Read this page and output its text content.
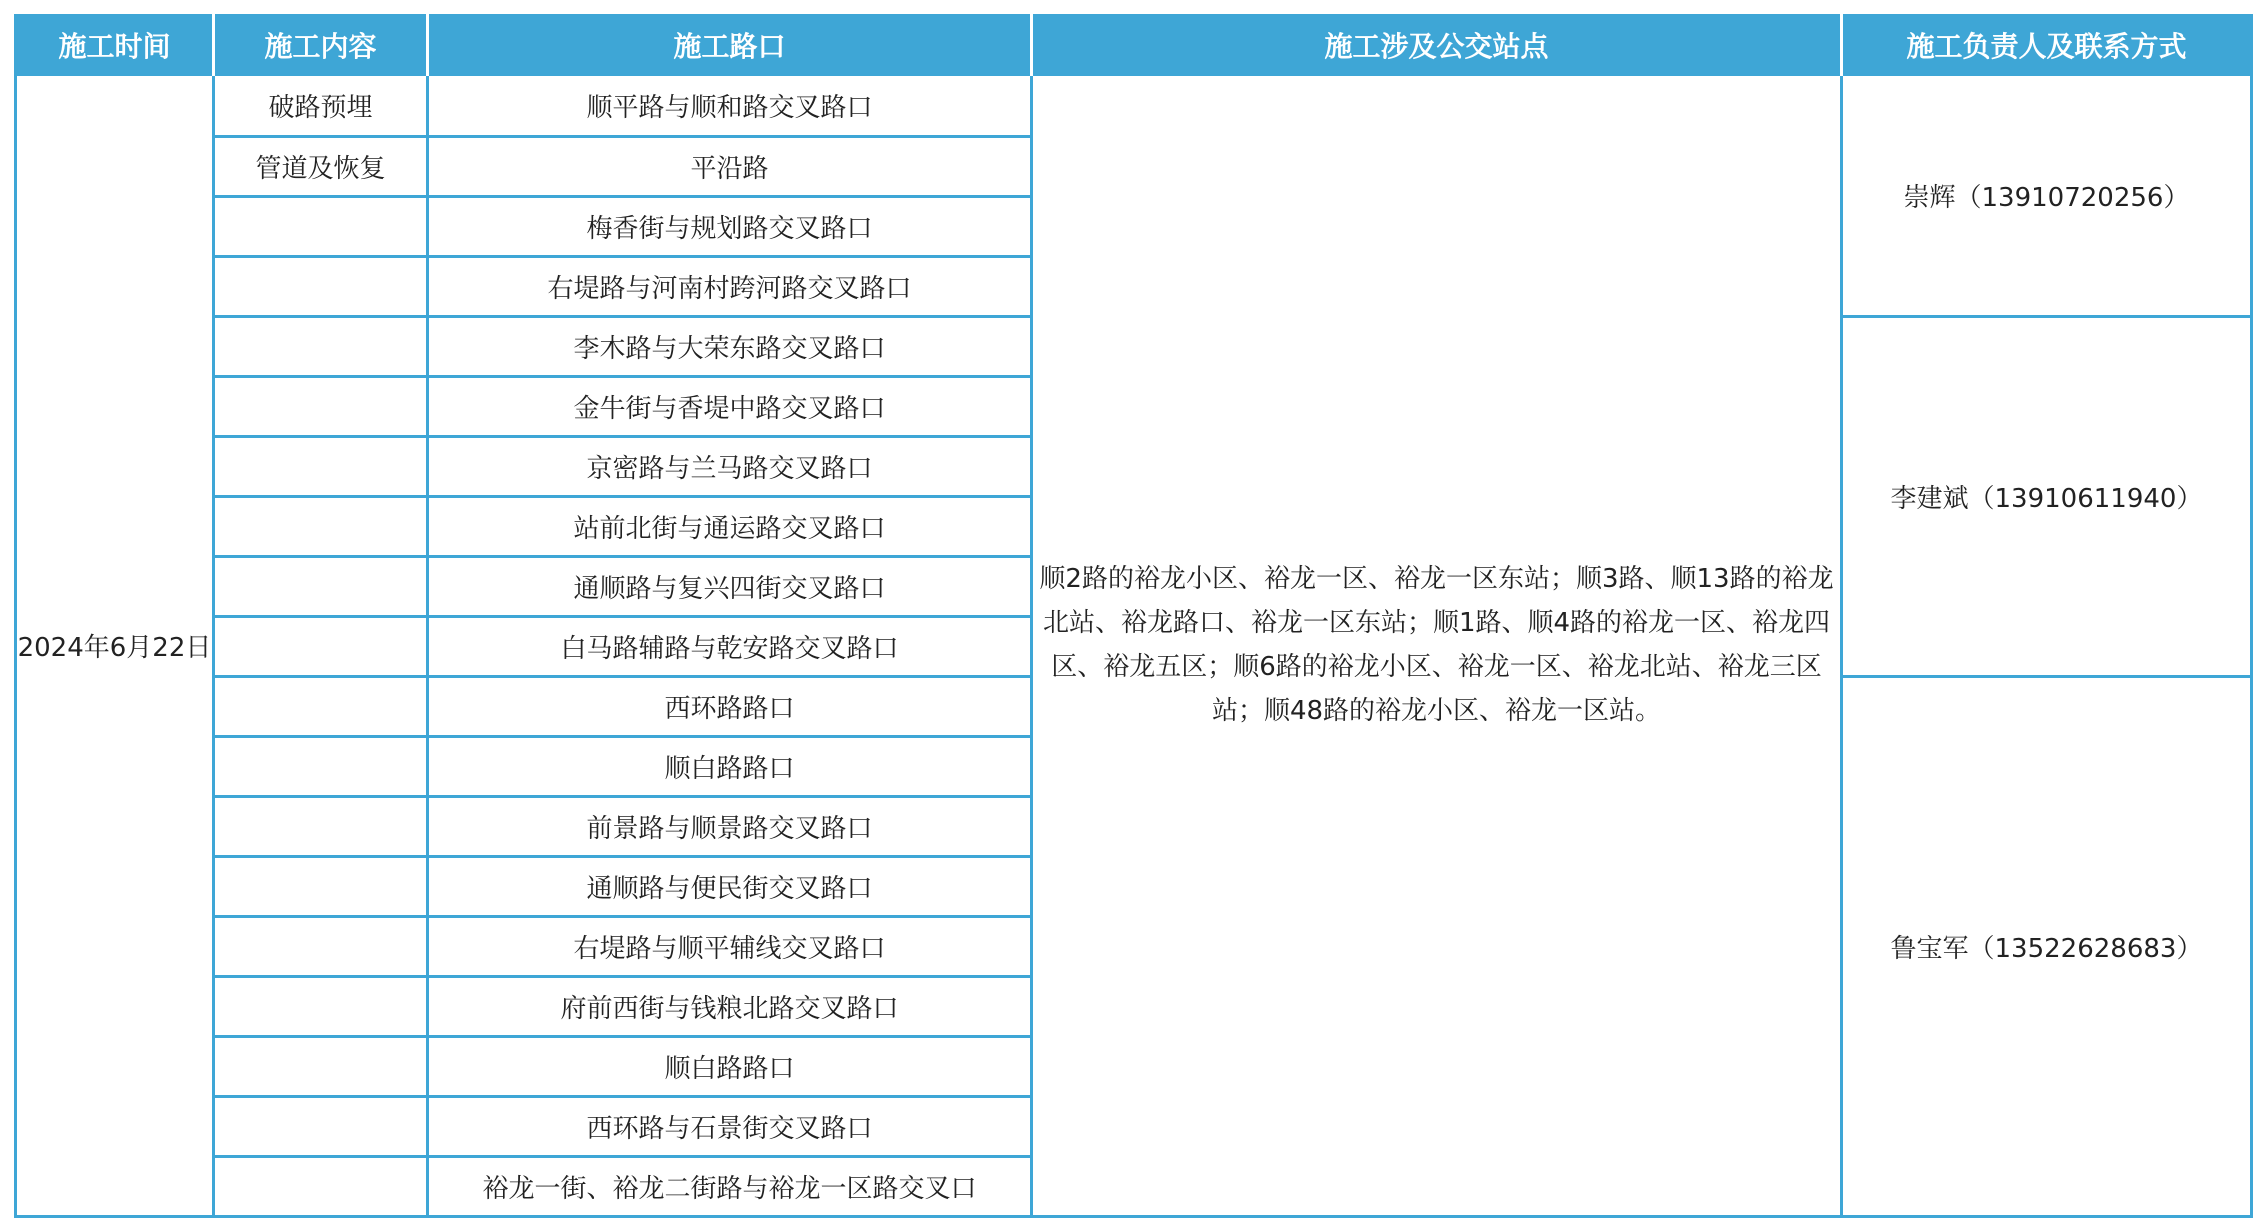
施工时间	施工内容	施工路口	施工涉及公交站点	施工负责人及联系方式
2024年6月22日	破路预埋	顺平路与顺和路交叉路口	顺2路的裕龙小区、裕龙一区、裕龙一区东站；顺3路、顺13路的裕龙北站、裕龙路口、裕龙一区东站；顺1路、顺4路的裕龙一区、裕龙四区、裕龙五区；顺6路的裕龙小区、裕龙一区、裕龙北站、裕龙三区站；顺48路的裕龙小区、裕龙一区站。	崇辉（13910720256）
	管道及恢复	平沿路		
		梅香街与规划路交叉路口		
		右堤路与河南村跨河路交叉路口		
		李木路与大荣东路交叉路口		李建斌（13910611940）
		金牛街与香堤中路交叉路口		
		京密路与兰马路交叉路口		
		站前北街与通运路交叉路口		
		通顺路与复兴四街交叉路口		
		白马路辅路与乾安路交叉路口		
		西环路路口		鲁宝军（13522628683）
		顺白路路口		
		前景路与顺景路交叉路口		
		通顺路与便民街交叉路口		
		右堤路与顺平辅线交叉路口		
		府前西街与钱粮北路交叉路口		
		顺白路路口		
		西环路与石景街交叉路口		
		裕龙一街、裕龙二街路与裕龙一区路交叉口		
